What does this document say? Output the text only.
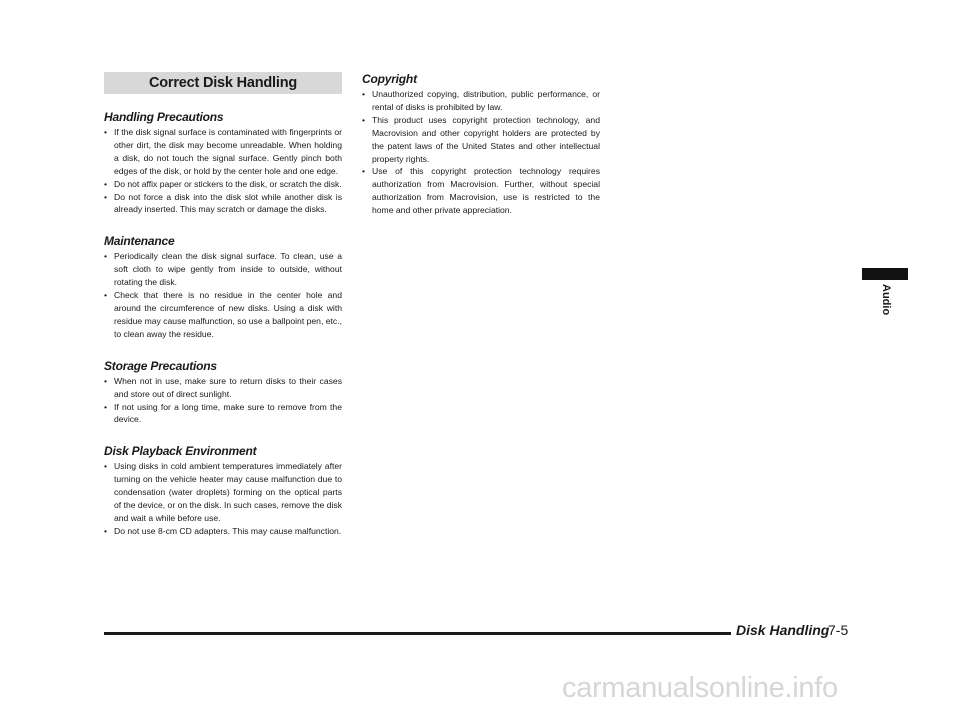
Correct Disk Handling
Handling Precautions
• If the disk signal surface is contaminated with fingerprints or other dirt, the disk may become unreadable. When holding a disk, do not touch the signal surface. Gently pinch both edges of the disk, or hold by the center hole and one edge.
• Do not affix paper or stickers to the disk, or scratch the disk.
• Do not force a disk into the disk slot while another disk is already inserted. This may scratch or damage the disks.
Maintenance
• Periodically clean the disk signal surface. To clean, use a soft cloth to wipe gently from inside to outside, without rotating the disk.
• Check that there is no residue in the center hole and around the circumference of new disks. Using a disk with residue may cause malfunction, so use a ballpoint pen, etc., to clean away the residue.
Storage Precautions
• When not in use, make sure to return disks to their cases and store out of direct sunlight.
• If not using for a long time, make sure to remove from the device.
Disk Playback Environment
• Using disks in cold ambient temperatures immediately after turning on the vehicle heater may cause malfunction due to condensation (water droplets) forming on the optical parts of the device, or on the disk. In such cases, remove the disk and wait a while before use.
• Do not use 8-cm CD adapters. This may cause malfunction.
Copyright
• Unauthorized copying, distribution, public performance, or rental of disks is prohibited by law.
• This product uses copyright protection technology, and Macrovision and other copyright holders are protected by the patent laws of the United States and other intellectual property rights.
• Use of this copyright protection technology requires authorization from Macrovision. Further, without special authorization from Macrovision, use is restricted to the home and other private appreciation.
Audio
Disk Handling
7-5
carmanualsonline.info
